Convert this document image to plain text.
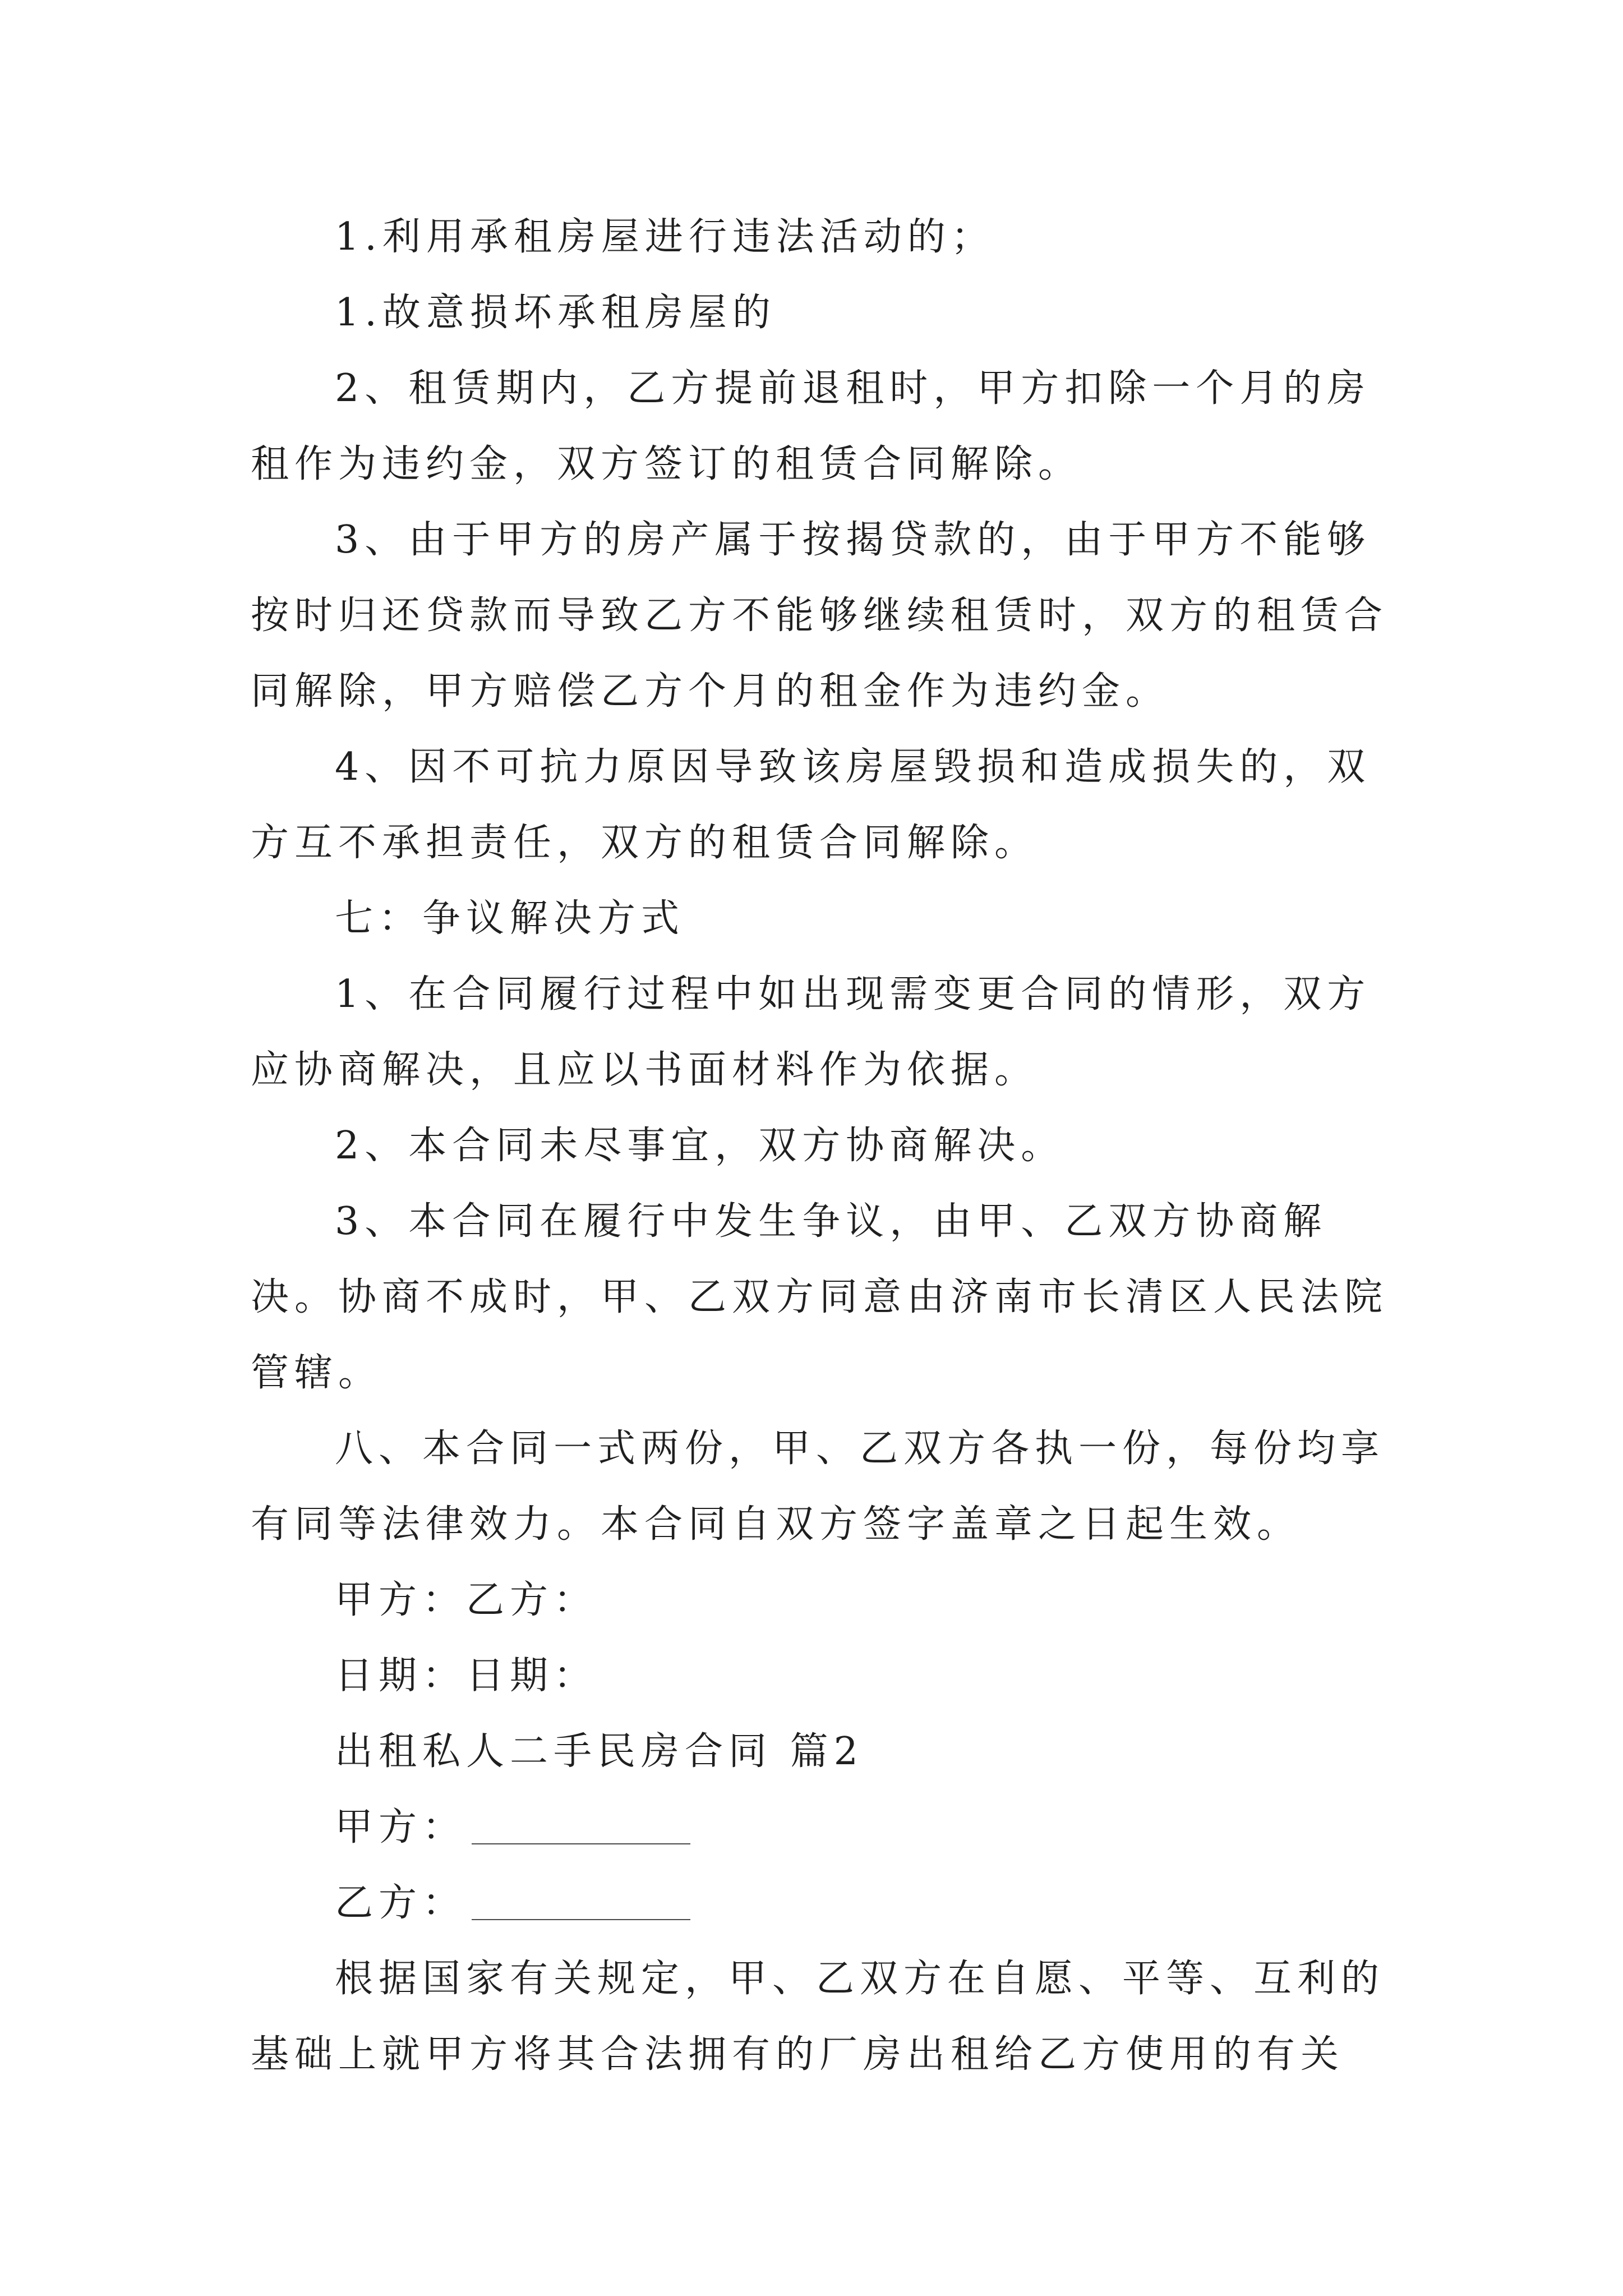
1.利用承租房屋进行违法活动的；

1.故意损坏承租房屋的

2、租赁期内，乙方提前退租时，甲方扣除一个月的房租作为违约金，双方签订的租赁合同解除。

3、由于甲方的房产属于按揭贷款的，由于甲方不能够按时归还贷款而导致乙方不能够继续租赁时，双方的租赁合同解除，甲方赔偿乙方个月的租金作为违约金。

4、因不可抗力原因导致该房屋毁损和造成损失的，双方互不承担责任，双方的租赁合同解除。

七：争议解决方式

1、在合同履行过程中如出现需变更合同的情形，双方应协商解决，且应以书面材料作为依据。

2、本合同未尽事宜，双方协商解决。

3、本合同在履行中发生争议，由甲、乙双方协商解决。协商不成时，甲、乙双方同意由济南市长清区人民法院管辖。

八、本合同一式两份，甲、乙双方各执一份，每份均享有同等法律效力。本合同自双方签字盖章之日起生效。

甲方：乙方：

日期：日期：

出租私人二手民房合同 篇2

甲方：

乙方：

根据国家有关规定，甲、乙双方在自愿、平等、互利的基础上就甲方将其合法拥有的厂房出租给乙方使用的有关
